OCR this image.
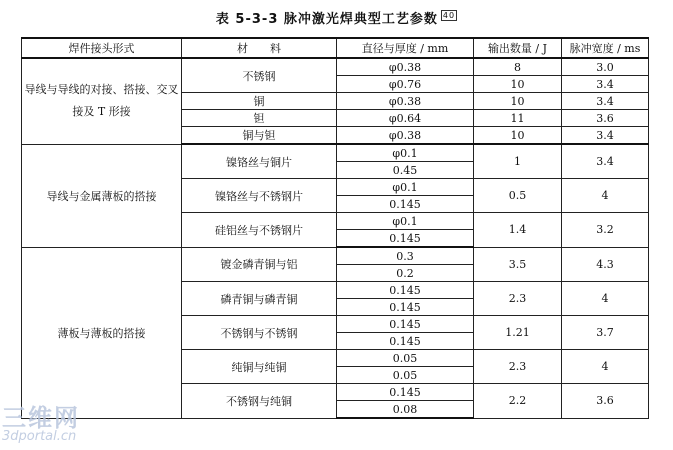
表 5-3-3 脉冲激光焊典型工艺参数 $^{40}$
焊件接头形式	材　　料	直径与厚度 / mm	输出数量 / J	脉冲宽度 / ms
导线与导线的对接、搭接、交叉接及 T 形接	不锈钢	φ0.38	8	3.0
		φ0.76	10	3.4
	铜	φ0.38	10	3.4
	钽	φ0.64	11	3.6
	铜与钽	φ0.38	10	3.4
导线与金属薄板的搭接	镍铬丝与铜片	φ0.1	1	3.4
		0.45		
	镍铬丝与不锈钢片	φ0.1	0.5	4
		0.145		
	硅铝丝与不锈钢片	φ0.1	1.4	3.2
		0.145		
薄板与薄板的搭接	镀金磷青铜与铝	0.3	3.5	4.3
		0.2		
	磷青铜与磷青铜	0.145	2.3	4
		0.145		
	不锈钢与不锈钢	0.145	1.21	3.7
		0.145		
	纯铜与纯铜	0.05	2.3	4
		0.05		
	不锈钢与纯铜	0.145	2.2	3.6
		0.08		
三维网
3dportal.cn
